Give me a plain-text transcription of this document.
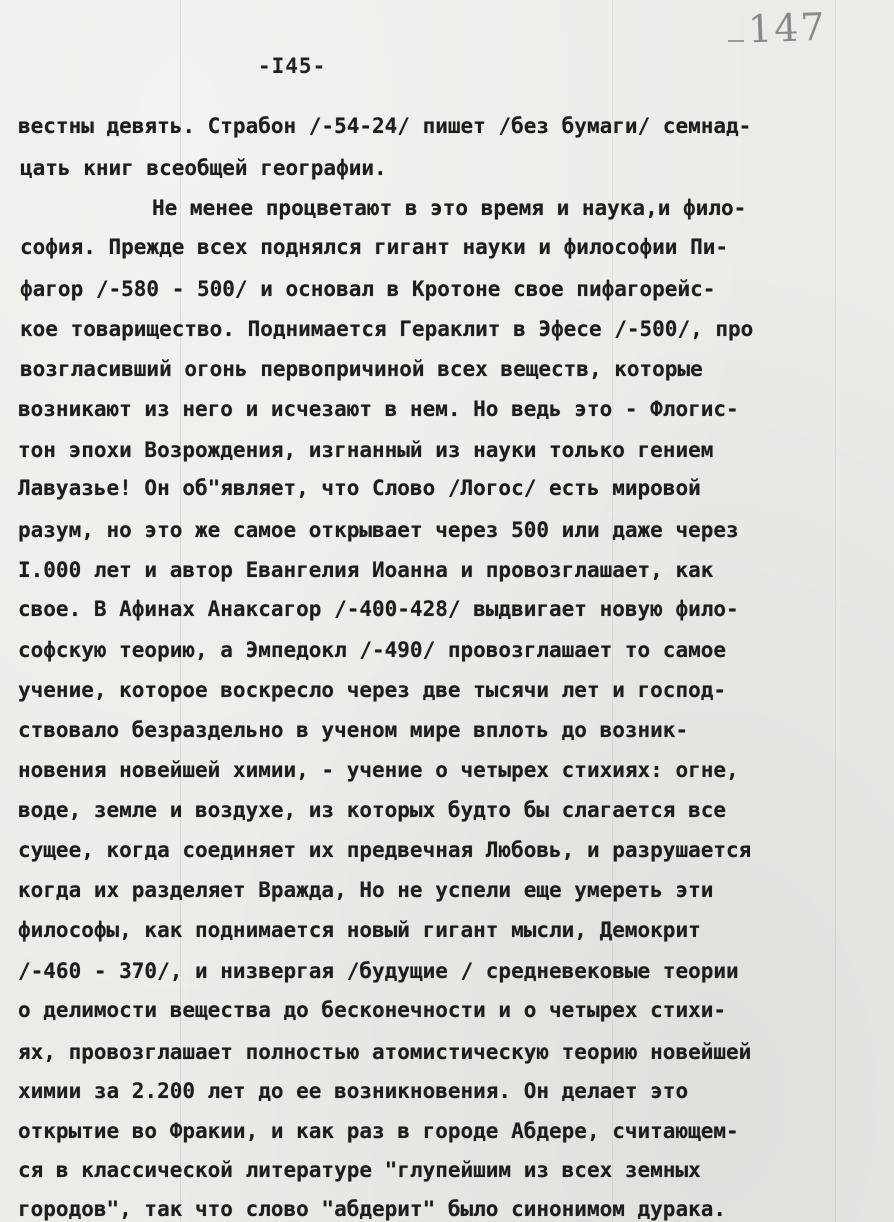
147
-I45-
вестны девять. Страбон /-54-24/ пишет /без бумаги/ семнад-
цать книг всеобщей географии.
Не менее процветают в это время и наука,и фило-
софия. Прежде всех поднялся гигант науки и философии Пи-
фагор /-580 - 500/ и основал в Кротоне свое пифагорейс-
кое товарищество. Поднимается Гераклит в Эфесе /-500/, про
возгласивший огонь первопричиной всех веществ, которые
возникают из него и исчезают в нем. Но ведь это - Флогис-
тон эпохи Возрождения, изгнанный из науки только гением
Лавуазье! Он об"являет, что Слово /Логос/ есть мировой
разум, но это же самое открывает через 500 или даже через
I.000 лет и автор Евангелия Иоанна и провозглашает, как
свое. В Афинах Анаксагор /-400-428/ выдвигает новую фило-
софскую теорию, а Эмпедокл /-490/ провозглашает то самое
учение, которое воскресло через две тысячи лет и господ-
ствовало безраздельно в ученом мире вплоть до возник-
новения новейшей химии, - учение о четырех стихиях: огне,
воде, земле и воздухе, из которых будто бы слагается все
сущее, когда соединяет их предвечная Любовь, и разрушается
когда их разделяет Вражда, Но не успели еще умереть эти
философы, как поднимается новый гигант мысли, Демокрит
/-460 - 370/, и низвергая /будущие / средневековые теории
о делимости вещества до бесконечности и о четырех стихи-
ях, провозглашает полностью атомистическую теорию новейшей
химии за 2.200 лет до ее возникновения. Он делает это
открытие во Фракии, и как раз в городе Абдере, считающем-
ся в классической литературе "глупейшим из всех земных
городов", так что слово "абдерит" было синонимом дурака.
